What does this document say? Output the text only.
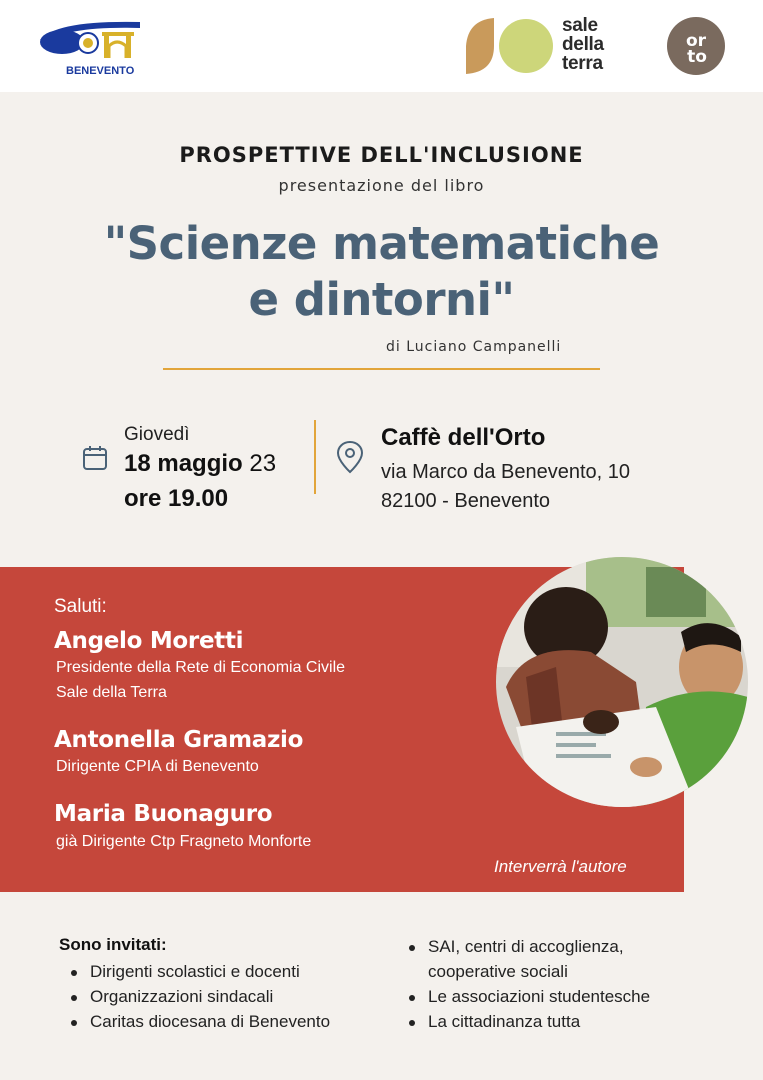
BENEVENTO
sale
della
terra
or
to
PROSPETTIVE DELL'INCLUSIONE
presentazione del libro
"Scienze matematiche
e dintorni"
di Luciano Campanelli
Giovedì
18 maggio 23
ore 19.00
Caffè dell'Orto
via Marco da Benevento, 10
82100 - Benevento
Saluti:
Angelo Moretti
Presidente della Rete di Economia Civile
Sale della Terra
Antonella Gramazio
Dirigente CPIA di Benevento
Maria Buonaguro
già Dirigente Ctp Fragneto Monforte
Interverrà l'autore
Sono invitati:
Dirigenti scolastici e docenti
Organizzazioni sindacali
Caritas diocesana di Benevento
SAI, centri di accoglienza,
cooperative sociali
Le associazioni studentesche
La cittadinanza tutta
